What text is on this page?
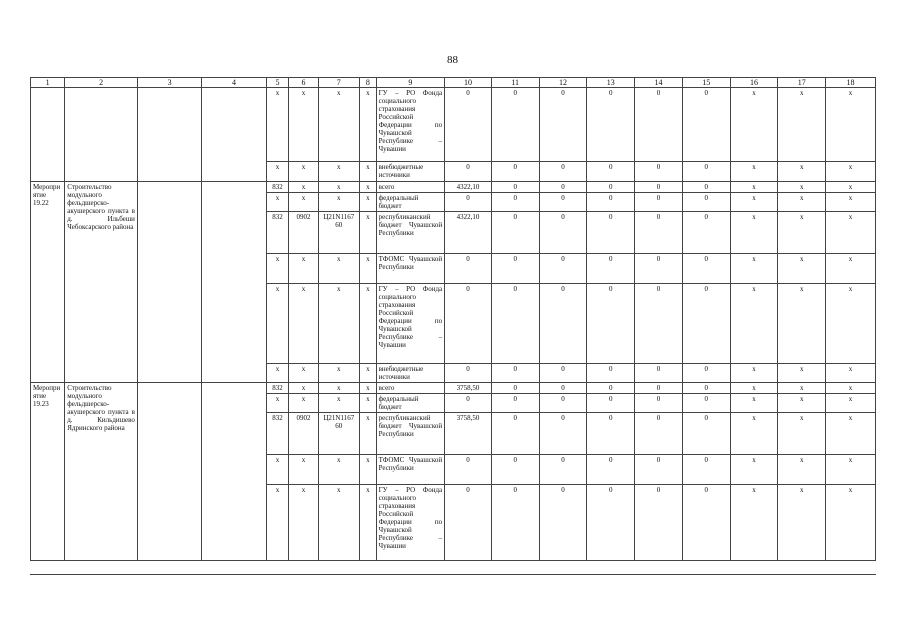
88
1	2	3	4	5	6	7	8	9	10	11	12	13	14	15	16	17	18
				x	x	x	x	ГУ – РО Фонда социального страхования Российской Федерации по Чувашской Республике – Чувашии	0	0	0	0	0	0	x	x	x
				x	x	x	x	внебюджетные источники	0	0	0	0	0	0	x	x	x
Мероприятие 19.22	Строительство модульного фельдшерско-акушерского пункта в д. Ильбеши Чебоксарского района			832	x	x	x	всего	4322,10	0	0	0	0	0	x	x	x
				x	x	x	x	федеральный бюджет	0	0	0	0	0	0	x	x	x
				832	0902	Ц21N1167 60	x	республиканский бюджет Чувашской Республики	4322,10	0	0	0	0	0	x	x	x
				x	x	x	x	ТФОМС Чувашской Республики	0	0	0	0	0	0	x	x	x
				x	x	x	x	ГУ – РО Фонда социального страхования Российской Федерации по Чувашской Республике – Чувашии	0	0	0	0	0	0	x	x	x
				x	x	x	x	внебюджетные источники	0	0	0	0	0	0	x	x	x
Мероприятие 19.23	Строительство модульного фельдшерско-акушерского пункта в д. Кильдишево Ядринского района			832	x	x	x	всего	3758,50	0	0	0	0	0	x	x	x
				x	x	x	x	федеральный бюджет	0	0	0	0	0	0	x	x	x
				832	0902	Ц21N1167 60	x	республиканский бюджет Чувашской Республики	3758,50	0	0	0	0	0	x	x	x
				x	x	x	x	ТФОМС Чувашской Республики	0	0	0	0	0	0	x	x	x
				x	x	x	x	ГУ – РО Фонда социального страхования Российской Федерации по Чувашской Республике – Чувашии	0	0	0	0	0	0	x	x	x
